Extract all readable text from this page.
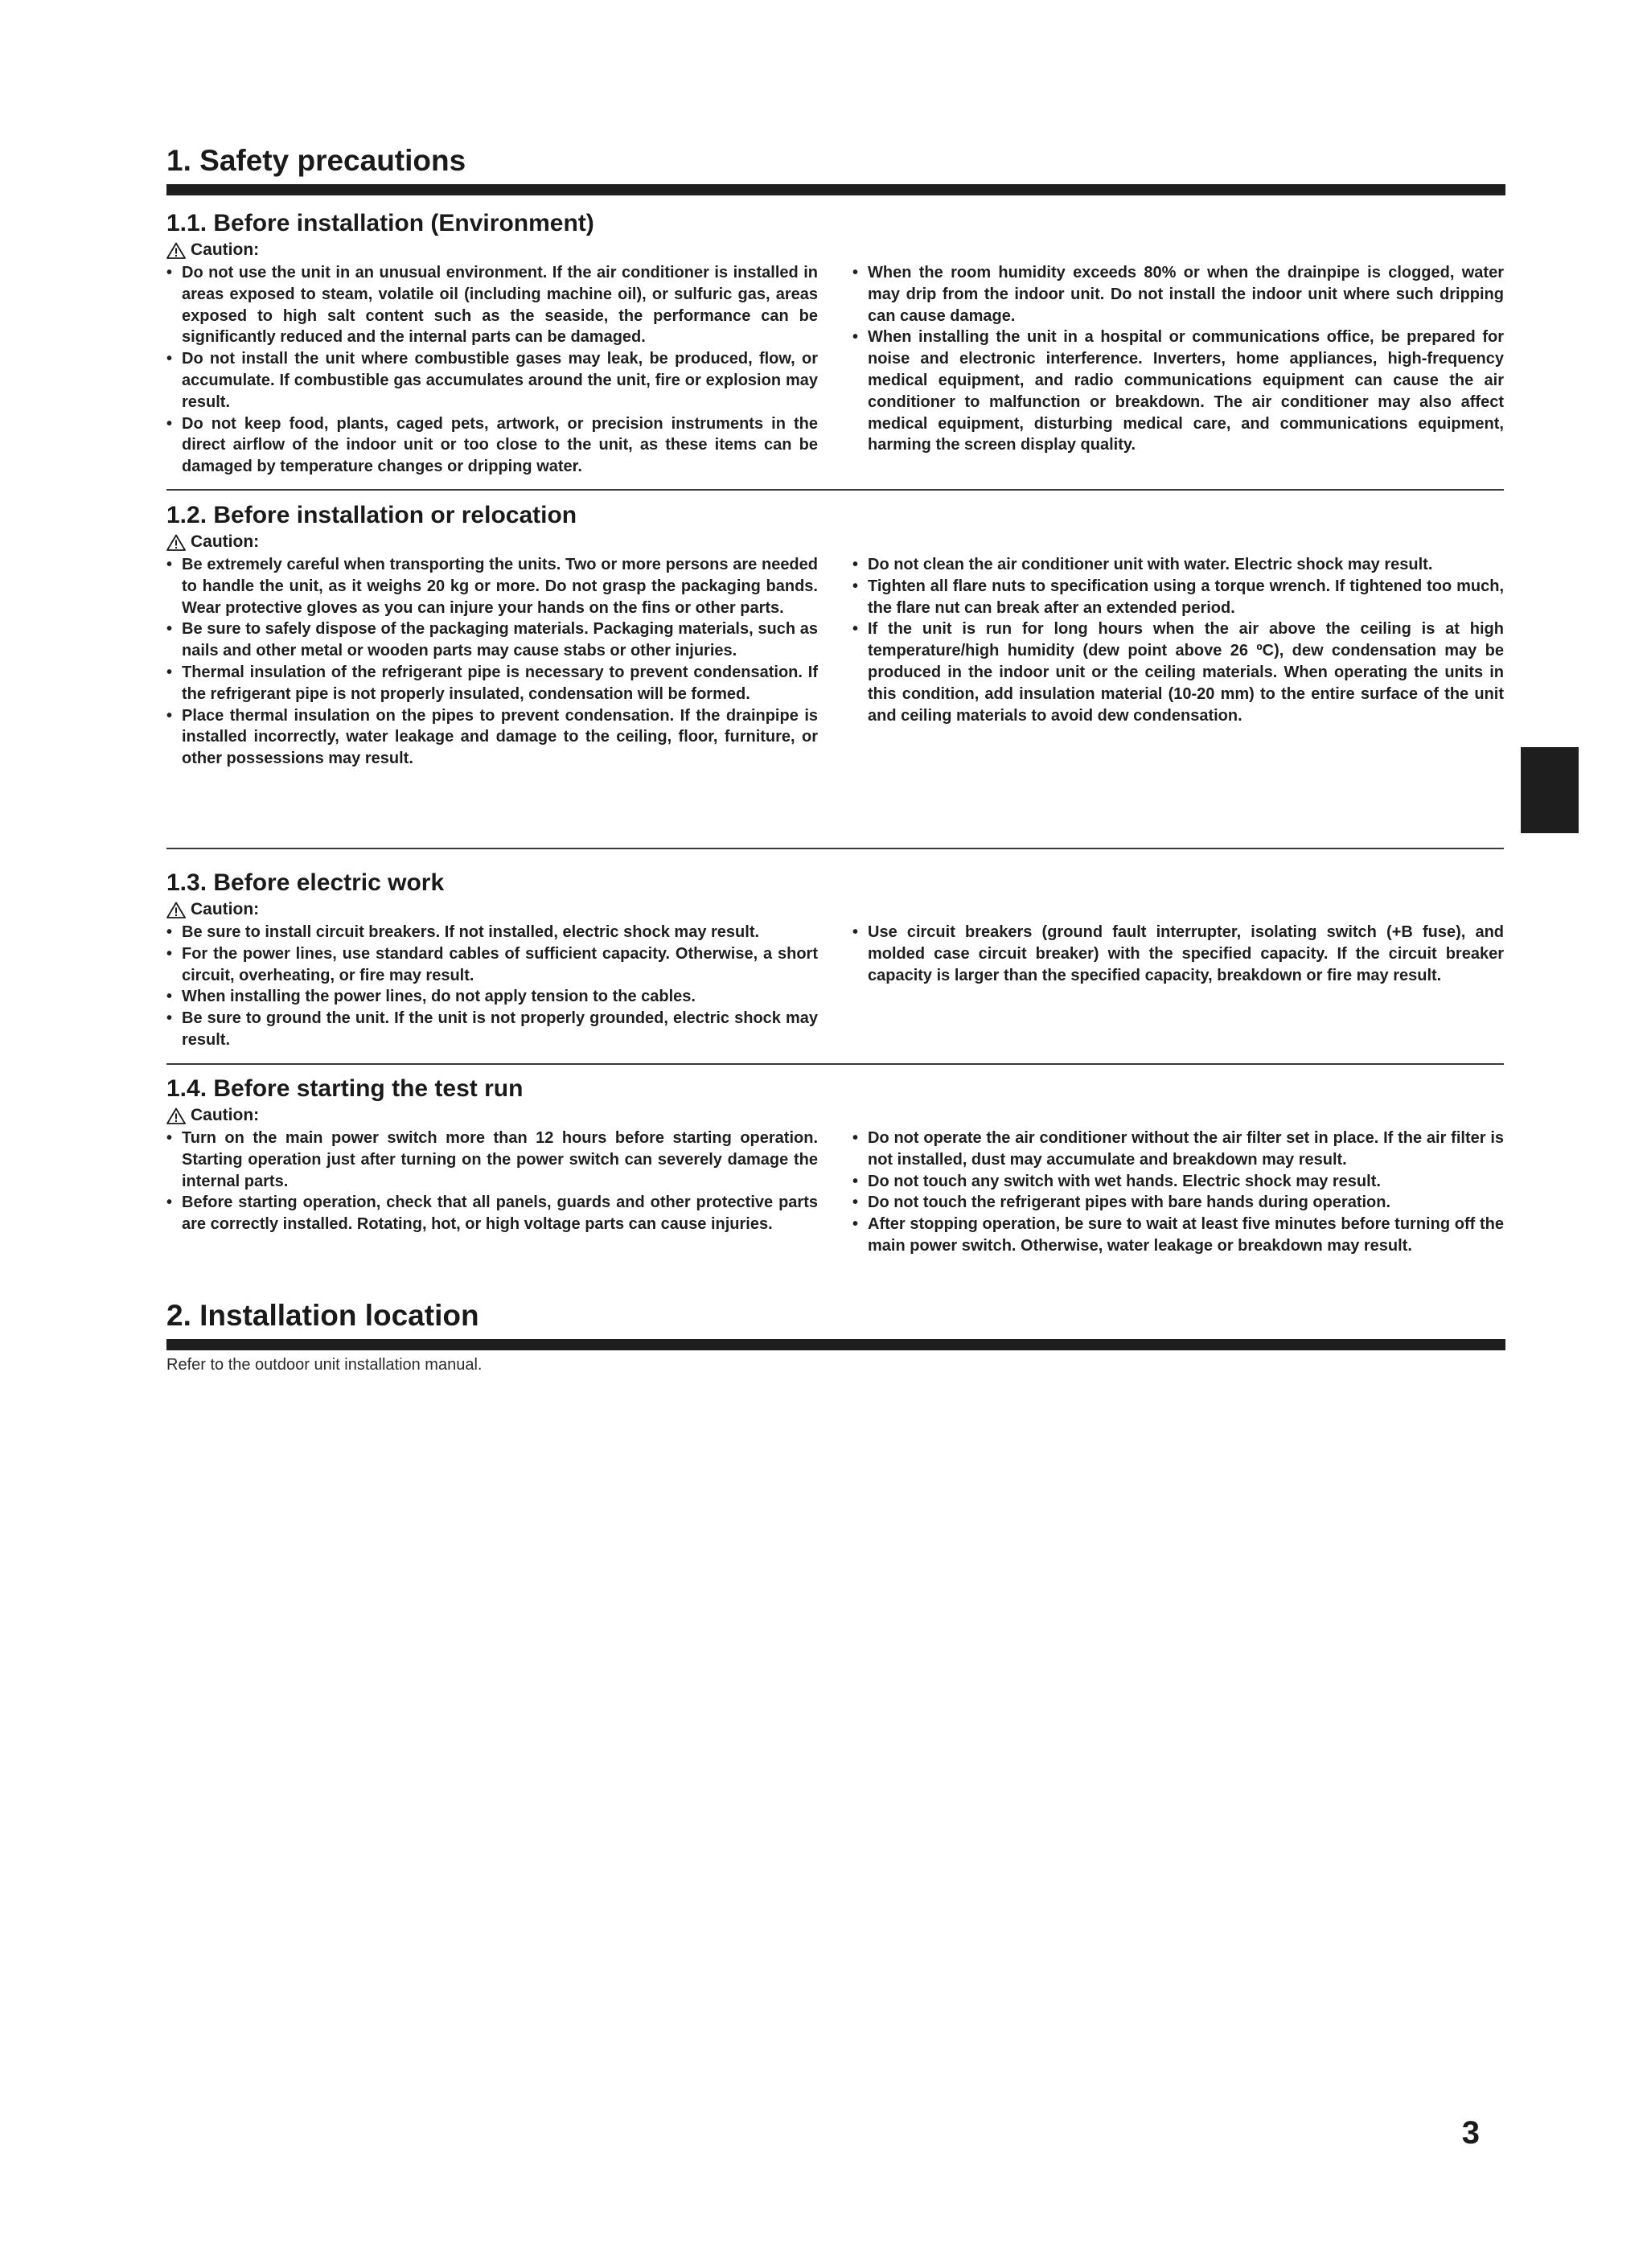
1. Safety precautions
1.1. Before installation (Environment)
Caution:
• Do not use the unit in an unusual environment. If the air conditioner is installed in areas exposed to steam, volatile oil (including machine oil), or sulfuric gas, areas exposed to high salt content such as the seaside, the performance can be significantly reduced and the internal parts can be damaged.
• Do not install the unit where combustible gases may leak, be produced, flow, or accumulate. If combustible gas accumulates around the unit, fire or explosion may result.
• Do not keep food, plants, caged pets, artwork, or precision instruments in the direct airflow of the indoor unit or too close to the unit, as these items can be damaged by temperature changes or dripping water.
• When the room humidity exceeds 80% or when the drainpipe is clogged, water may drip from the indoor unit. Do not install the indoor unit where such dripping can cause damage.
• When installing the unit in a hospital or communications office, be prepared for noise and electronic interference. Inverters, home appliances, high-frequency medical equipment, and radio communications equipment can cause the air conditioner to malfunction or breakdown. The air conditioner may also affect medical equipment, disturbing medical care, and communications equipment, harming the screen display quality.
1.2. Before installation or relocation
Caution:
• Be extremely careful when transporting the units. Two or more persons are needed to handle the unit, as it weighs 20 kg or more. Do not grasp the packaging bands. Wear protective gloves as you can injure your hands on the fins or other parts.
• Be sure to safely dispose of the packaging materials. Packaging materials, such as nails and other metal or wooden parts may cause stabs or other injuries.
• Thermal insulation of the refrigerant pipe is necessary to prevent condensation. If the refrigerant pipe is not properly insulated, condensation will be formed.
• Place thermal insulation on the pipes to prevent condensation. If the drainpipe is installed incorrectly, water leakage and damage to the ceiling, floor, furniture, or other possessions may result.
• Do not clean the air conditioner unit with water. Electric shock may result.
• Tighten all flare nuts to specification using a torque wrench. If tightened too much, the flare nut can break after an extended period.
• If the unit is run for long hours when the air above the ceiling is at high temperature/high humidity (dew point above 26 ºC), dew condensation may be produced in the indoor unit or the ceiling materials. When operating the units in this condition, add insulation material (10-20 mm) to the entire surface of the unit and ceiling materials to avoid dew condensation.
1.3. Before electric work
Caution:
• Be sure to install circuit breakers. If not installed, electric shock may result.
• For the power lines, use standard cables of sufficient capacity. Otherwise, a short circuit, overheating, or fire may result.
• When installing the power lines, do not apply tension to the cables.
• Be sure to ground the unit. If the unit is not properly grounded, electric shock may result.
• Use circuit breakers (ground fault interrupter, isolating switch (+B fuse), and molded case circuit breaker) with the specified capacity. If the circuit breaker capacity is larger than the specified capacity, breakdown or fire may result.
1.4. Before starting the test run
Caution:
• Turn on the main power switch more than 12 hours before starting operation. Starting operation just after turning on the power switch can severely damage the internal parts.
• Before starting operation, check that all panels, guards and other protective parts are correctly installed. Rotating, hot, or high voltage parts can cause injuries.
• Do not operate the air conditioner without the air filter set in place. If the air filter is not installed, dust may accumulate and breakdown may result.
• Do not touch any switch with wet hands. Electric shock may result.
• Do not touch the refrigerant pipes with bare hands during operation.
• After stopping operation, be sure to wait at least five minutes before turning off the main power switch. Otherwise, water leakage or breakdown may result.
2. Installation location
Refer to the outdoor unit installation manual.
3
